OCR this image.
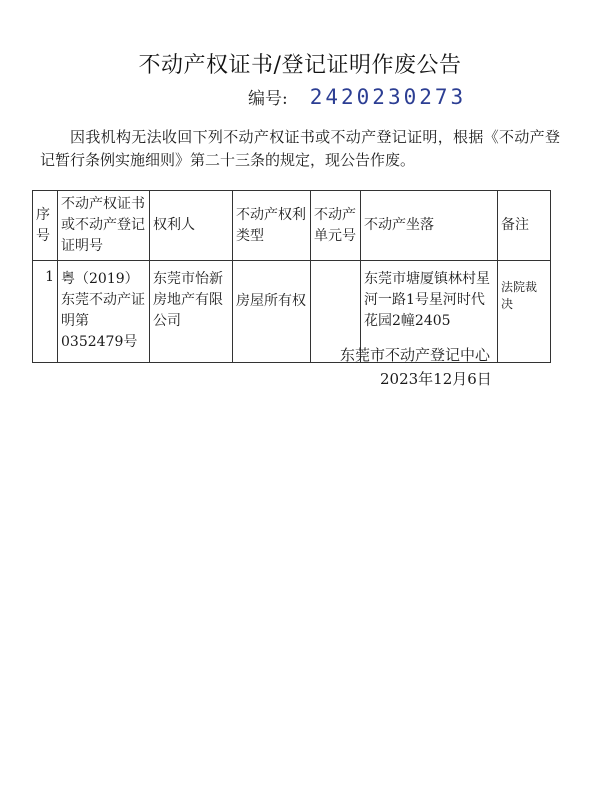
不动产权证书/登记证明作废公告
编号: 2420230273
因我机构无法收回下列不动产权证书或不动产登记证明，根据《不动产登记暂行条例实施细则》第二十三条的规定，现公告作废。
序号	不动产权证书或不动产登记证明号	权利人	不动产权利类型	不动产单元号	不动产坐落	备注
1	粤（2019）东莞不动产证明第0352479号	东莞市怡新房地产有限公司	房屋所有权		东莞市塘厦镇林村星河一路1号星河时代花园2幢2405	法院裁决
东莞市不动产登记中心
2023年12月6日
